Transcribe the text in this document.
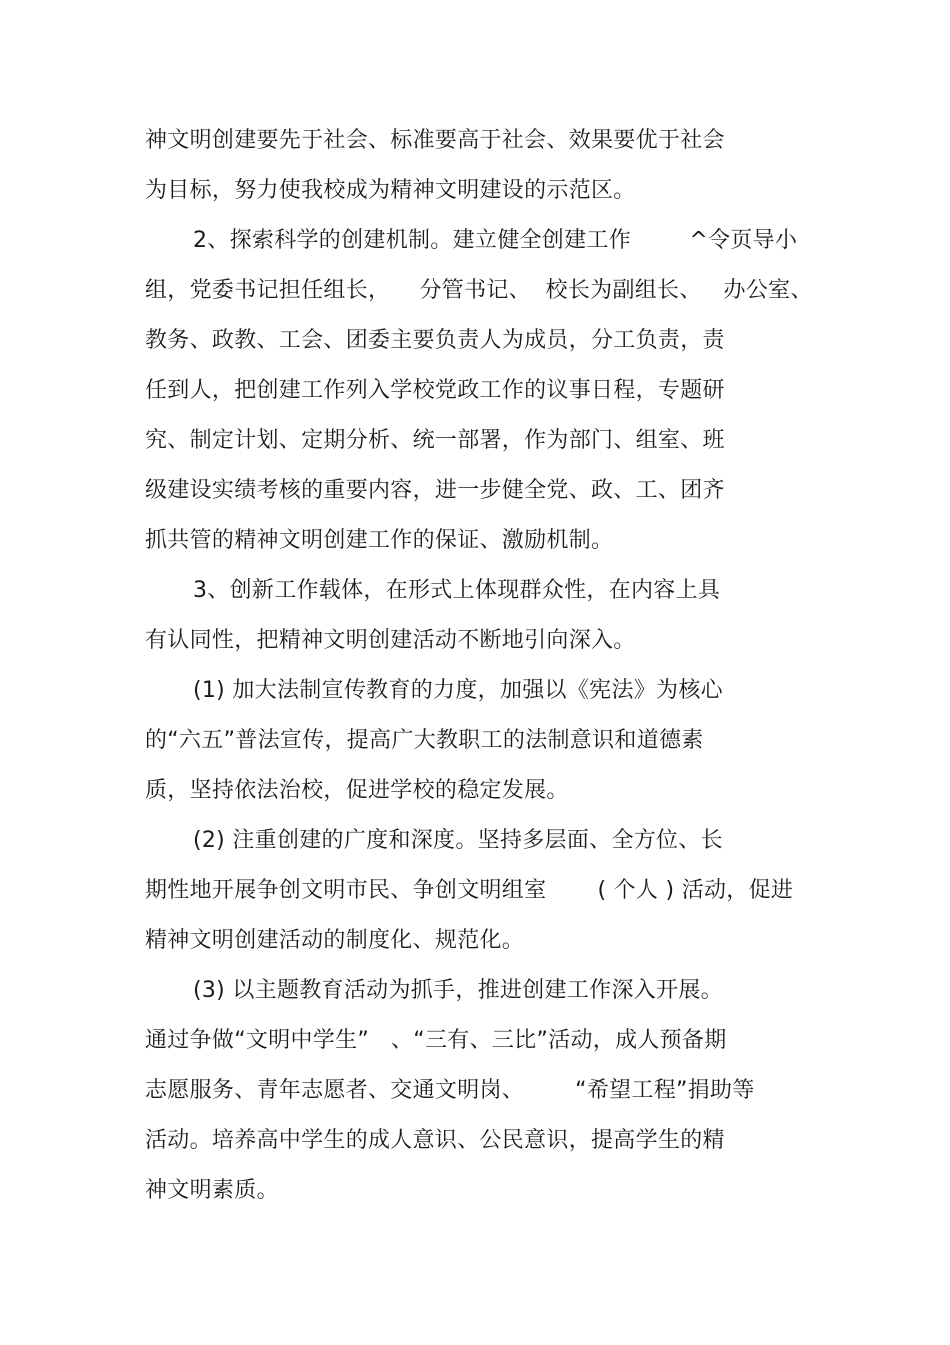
神文明创建要先于社会、标准要高于社会、效果要优于社会
为目标，努力使我校成为精神文明建设的示范区。
2、探索科学的创建机制。建立健全创建工作        ^令页导小
组，党委书记担任组长，    分管书记、  校长为副组长、   办公室、
教务、政教、工会、团委主要负责人为成员，分工负责，责
任到人，把创建工作列入学校党政工作的议事日程，专题研
究、制定计划、定期分析、统一部署，作为部门、组室、班
级建设实绩考核的重要内容，进一步健全党、政、工、团齐
抓共管的精神文明创建工作的保证、激励机制。
3、创新工作载体，在形式上体现群众性，在内容上具
有认同性，把精神文明创建活动不断地引向深入。
(1) 加大法制宣传教育的力度，加强以《宪法》为核心
的“六五”普法宣传，提高广大教职工的法制意识和道德素
质，坚持依法治校，促进学校的稳定发展。
(2) 注重创建的广度和深度。坚持多层面、全方位、长
期性地开展争创文明市民、争创文明组室       ( 个人 ) 活动，促进
精神文明创建活动的制度化、规范化。
(3) 以主题教育活动为抓手，推进创建工作深入开展。
通过争做“文明中学生”   、“三有、三比”活动，成人预备期
志愿服务、青年志愿者、交通文明岗、       “希望工程”捐助等
活动。培养高中学生的成人意识、公民意识，提高学生的精
神文明素质。
